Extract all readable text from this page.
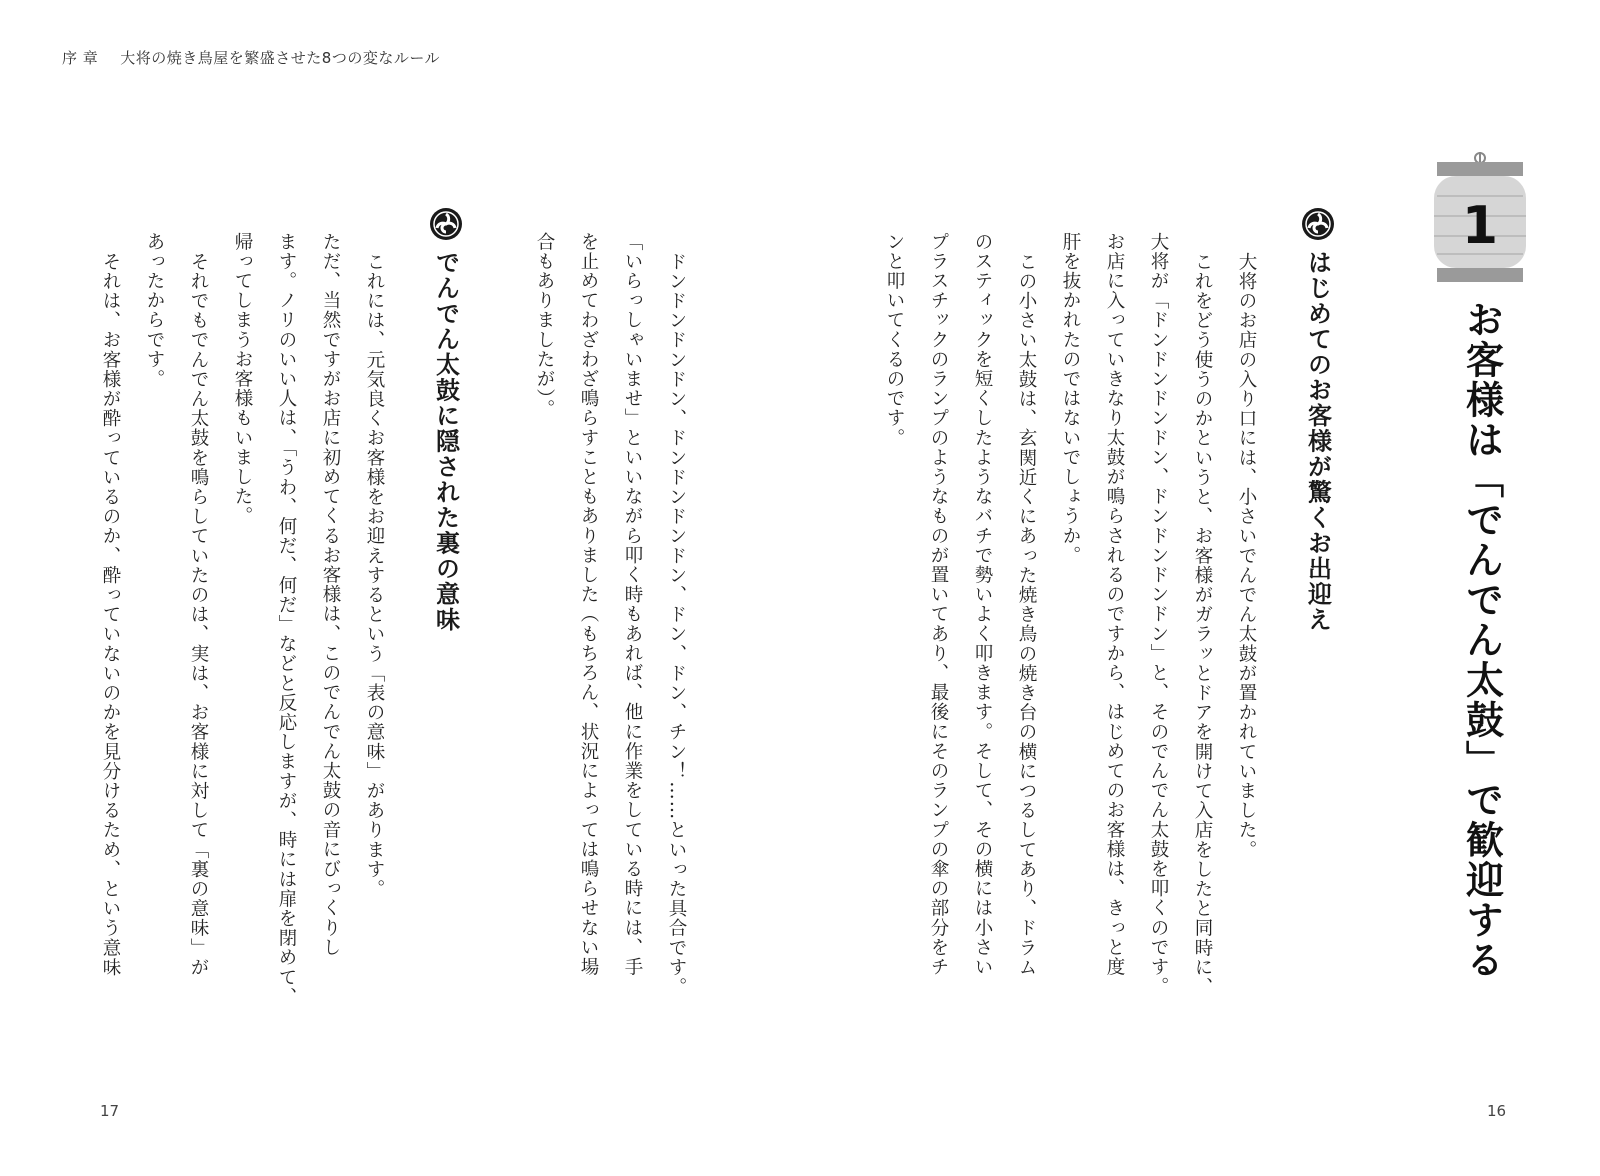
序 章 大将の焼き鳥屋を繁盛させた8つの変なルール
1
お客様は「でんでん太鼓」で歓迎する
はじめてのお客様が驚くお出迎え
大将のお店の入り口には、小さいでんでん太鼓が置かれていました。
これをどう使うのかというと、お客様がガラッとドアを開けて入店をしたと同時に、
大将が「ドンドンドンドン、ドンドンドンドン」と、そのでんでん太鼓を叩くのです。
お店に入っていきなり太鼓が鳴らされるのですから、はじめてのお客様は、きっと度
肝を抜かれたのではないでしょうか。
この小さい太鼓は、玄関近くにあった焼き鳥の焼き台の横につるしてあり、ドラム
のスティックを短くしたようなバチで勢いよく叩きます。そして、その横には小さい
プラスチックのランプのようなものが置いてあり、最後にそのランプの傘の部分をチ
ンと叩いてくるのです。
ドンドンドンドン、ドンドンドンドン、ドン、ドン、チン！……といった具合です。
「いらっしゃいませ」といいながら叩く時もあれば、他に作業をしている時には、手
を止めてわざわざ鳴らすこともありました（もちろん、状況によっては鳴らせない場
合もありましたが）。
でんでん太鼓に隠された裏の意味
これには、元気良くお客様をお迎えするという「表の意味」があります。
ただ、当然ですがお店に初めてくるお客様は、このでんでん太鼓の音にびっくりし
ます。ノリのいい人は、「うわ、何だ、何だ」などと反応しますが、時には扉を閉めて、
帰ってしまうお客様もいました。
それでもでんでん太鼓を鳴らしていたのは、実は、お客様に対して「裏の意味」が
あったからです。
それは、お客様が酔っているのか、酔っていないのかを見分けるため、という意味
17	16
